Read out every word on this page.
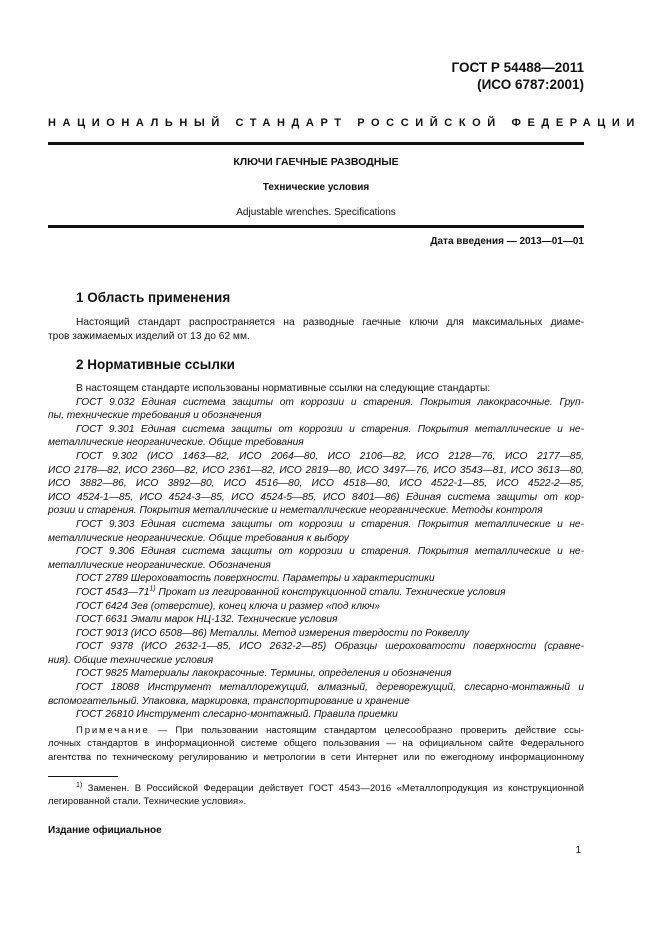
ГОСТ Р 54488—2011
(ИСО 6787:2001)
НАЦИОНАЛЬНЫЙ СТАНДАРТ РОССИЙСКОЙ ФЕДЕРАЦИИ
КЛЮЧИ ГАЕЧНЫЕ РАЗВОДНЫЕ
Технические условия
Adjustable wrenches. Specifications
Дата введения — 2013—01—01
1 Область применения
Настоящий стандарт распространяется на разводные гаечные ключи для максимальных диаме-
тров зажимаемых изделий от 13 до 62 мм.
2 Нормативные ссылки
В настоящем стандарте использованы нормативные ссылки на следующие стандарты:
ГОСТ 9.032 Единая система защиты от коррозии и старения. Покрытия лакокрасочные. Груп-
пы, технические требования и обозначения
ГОСТ 9.301 Единая система защиты от коррозии и старения. Покрытия металлические и не-
металлические неорганические. Общие требования
ГОСТ 9.302 (ИСО 1463—82, ИСО 2064—80, ИСО 2106—82, ИСО 2128—76, ИСО 2177—85,
ИСО 2178—82, ИСО 2360—82, ИСО 2361—82, ИСО 2819—80, ИСО 3497—76, ИСО 3543—81, ИСО 3613—80,
ИСО 3882—86, ИСО 3892—80, ИСО 4516—80, ИСО 4518—80, ИСО 4522-1—85, ИСО 4522-2—85,
ИСО 4524-1—85, ИСО 4524-3—85, ИСО 4524-5—85, ИСО 8401—86) Единая система защиты от кор-
розии и старения. Покрытия металлические и неметаллические неорганические. Методы контроля
ГОСТ 9.303 Единая система защиты от коррозии и старения. Покрытия металлические и не-
металлические неорганические. Общие требования к выбору
ГОСТ 9.306 Единая система защиты от коррозии и старения. Покрытия металлические и не-
металлические неорганические. Обозначения
ГОСТ 2789 Шероховатость поверхности. Параметры и характеристики
ГОСТ 4543—71$^{1)}$ Прокат из легированной конструкционной стали. Технические условия
ГОСТ 6424 Зев (отверстие), конец ключа и размер «под ключ»
ГОСТ 6631 Эмали марок НЦ-132. Технические условия
ГОСТ 9013 (ИСО 6508—86) Металлы. Метод измерения твердости по Роквеллу
ГОСТ 9378 (ИСО 2632-1—85, ИСО 2632-2—85) Образцы шероховатости поверхности (сравне-
ния). Общие технические условия
ГОСТ 9825 Материалы лакокрасочные. Термины, определения и обозначения
ГОСТ 18088 Инструмент металлорежущий, алмазный, дереворежущий, слесарно-монтажный и
вспомогательный. Упаковка, маркировка, транспортирование и хранение
ГОСТ 26810 Инструмент слесарно-монтажный. Правила приемки
Примечание — При пользовании настоящим стандартом целесообразно проверить действие ссы-
лочных стандартов в информационной системе общего пользования — на официальном сайте Федерального
агентства по техническому регулированию и метрологии в сети Интернет или по ежегодному информационному
$^{1)}$ Заменен. В Российской Федерации действует ГОСТ 4543—2016 «Металлопродукция из конструкционной
легированной стали. Технические условия».
Издание официальное
1
